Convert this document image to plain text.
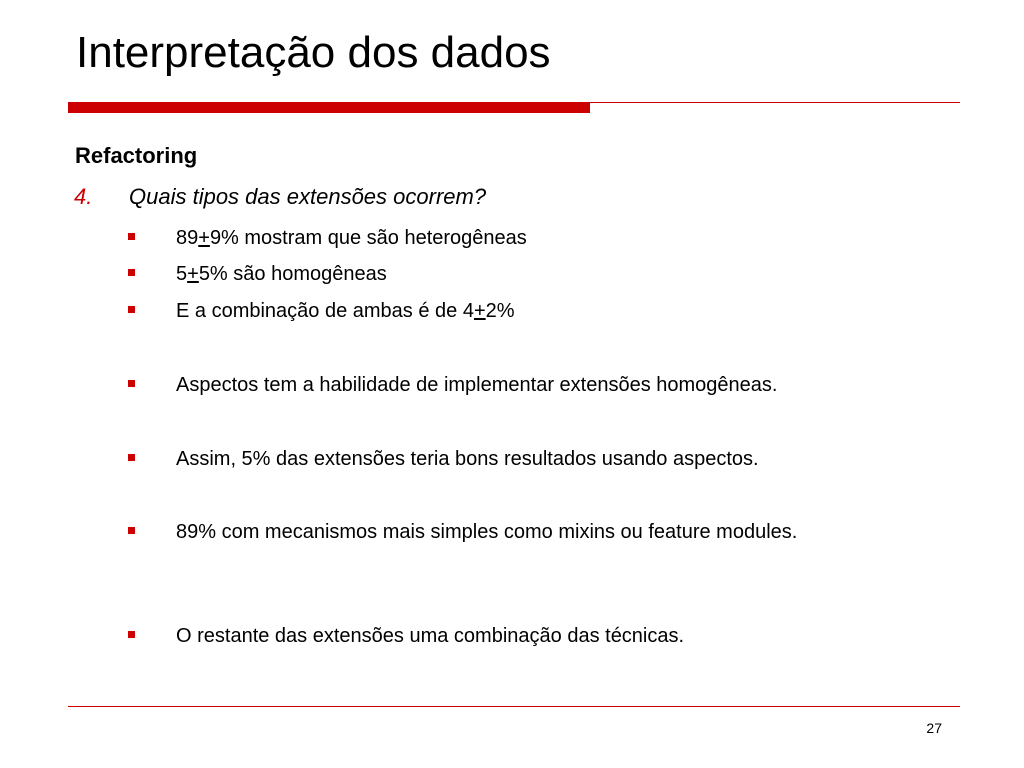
Interpretação dos dados
Refactoring
4. Quais tipos das extensões ocorrem?
89+9% mostram que são heterogêneas
5+5% são homogêneas
E a combinação de ambas é de 4+2%
Aspectos tem a habilidade de implementar extensões homogêneas.
Assim, 5% das extensões teria bons resultados usando aspectos.
89% com mecanismos mais simples como mixins ou feature modules.
O restante das extensões uma combinação das técnicas.
27
